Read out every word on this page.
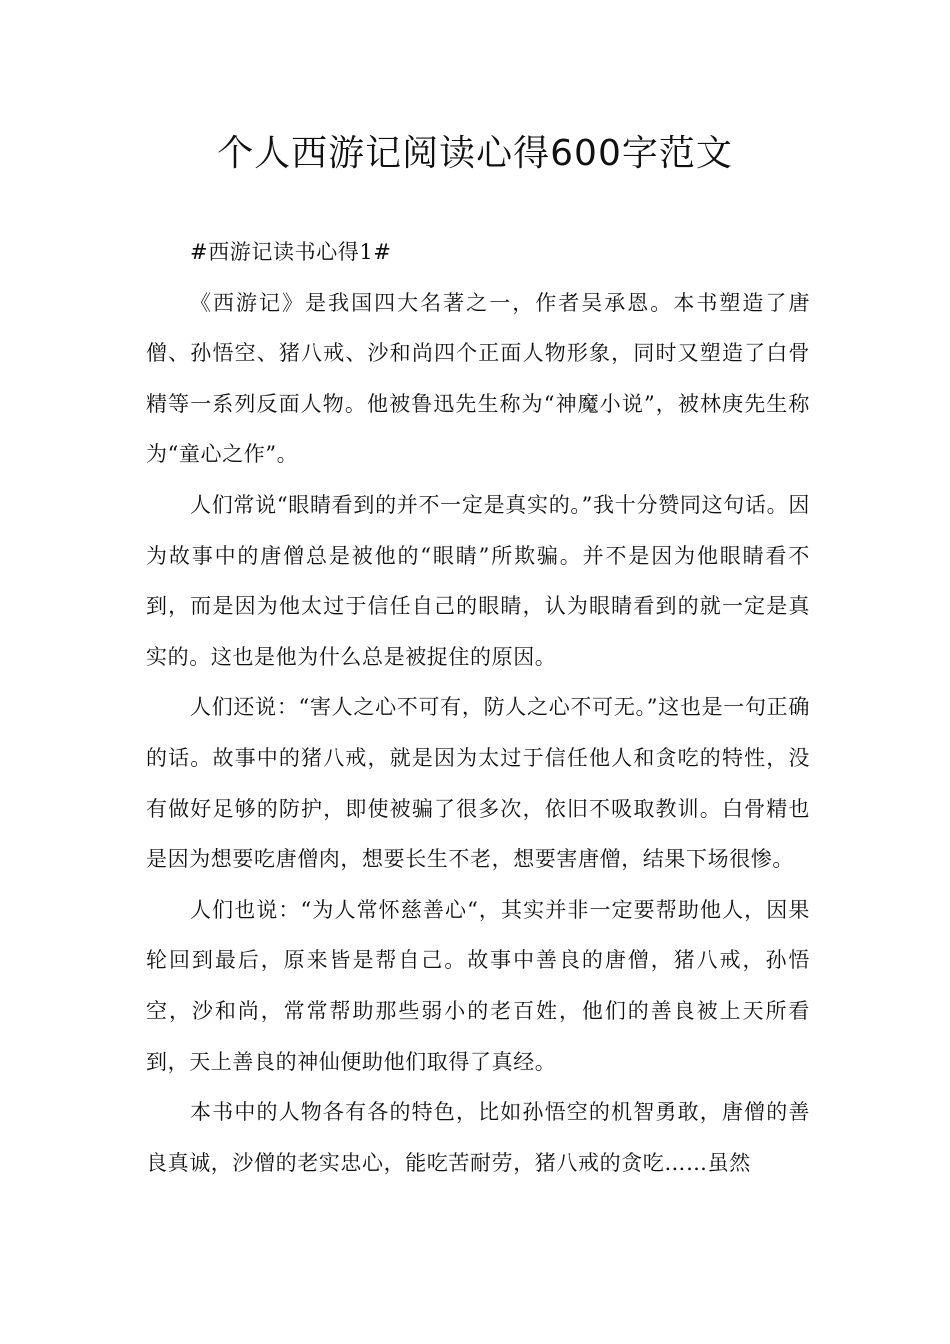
个人西游记阅读心得600字范文

#西游记读书心得1#

《西游记》是我国四大名著之一，作者吴承恩。本书塑造了唐僧、孙悟空、猪八戒、沙和尚四个正面人物形象，同时又塑造了白骨精等一系列反面人物。他被鲁迅先生称为“神魔小说”，被林庚先生称为“童心之作”。

人们常说“眼睛看到的并不一定是真实的。”我十分赞同这句话。因为故事中的唐僧总是被他的“眼睛”所欺骗。并不是因为他眼睛看不到，而是因为他太过于信任自己的眼睛，认为眼睛看到的就一定是真实的。这也是他为什么总是被捉住的原因。

人们还说：“害人之心不可有，防人之心不可无。”这也是一句正确的话。故事中的猪八戒，就是因为太过于信任他人和贪吃的特性，没有做好足够的防护，即使被骗了很多次，依旧不吸取教训。白骨精也是因为想要吃唐僧肉，想要长生不老，想要害唐僧，结果下场很惨。

人们也说：“为人常怀慈善心“，其实并非一定要帮助他人，因果轮回到最后，原来皆是帮自己。故事中善良的唐僧，猪八戒，孙悟空，沙和尚，常常帮助那些弱小的老百姓，他们的善良被上天所看到，天上善良的神仙便助他们取得了真经。

本书中的人物各有各的特色，比如孙悟空的机智勇敢，唐僧的善良真诚，沙僧的老实忠心，能吃苦耐劳，猪八戒的贪吃……虽然
